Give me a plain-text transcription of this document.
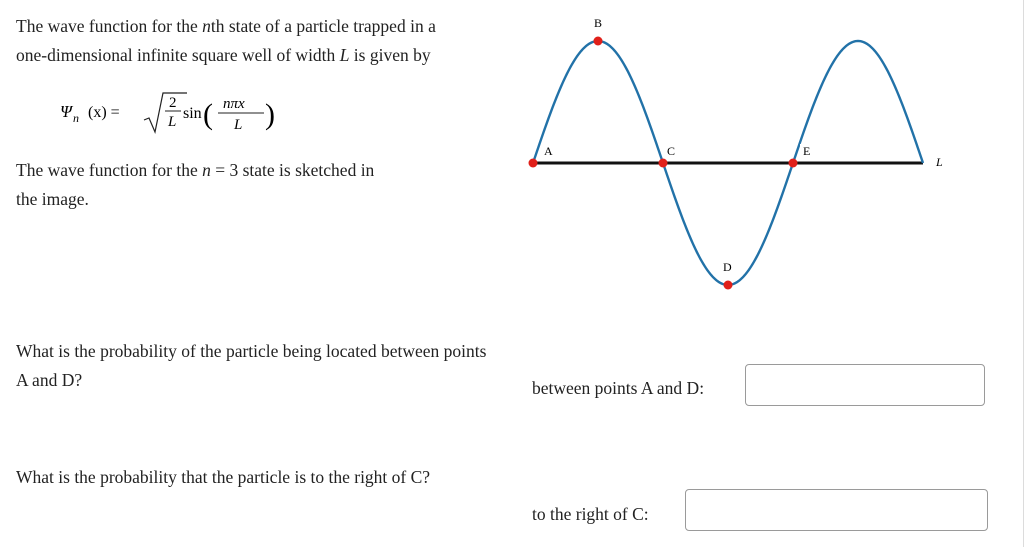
The wave function for the nth state of a particle trapped in a
one-dimensional infinite square well of width L is given by

Ψ n (x) =
2
L sin ( nπx
L )

The wave function for the n = 3 state is sketched in
the image.

A
B
C
D
E
L

What is the probability of the particle being located between points A and D?	between points A and D:

What is the probability that the particle is to the right of C?

to the right of C:
